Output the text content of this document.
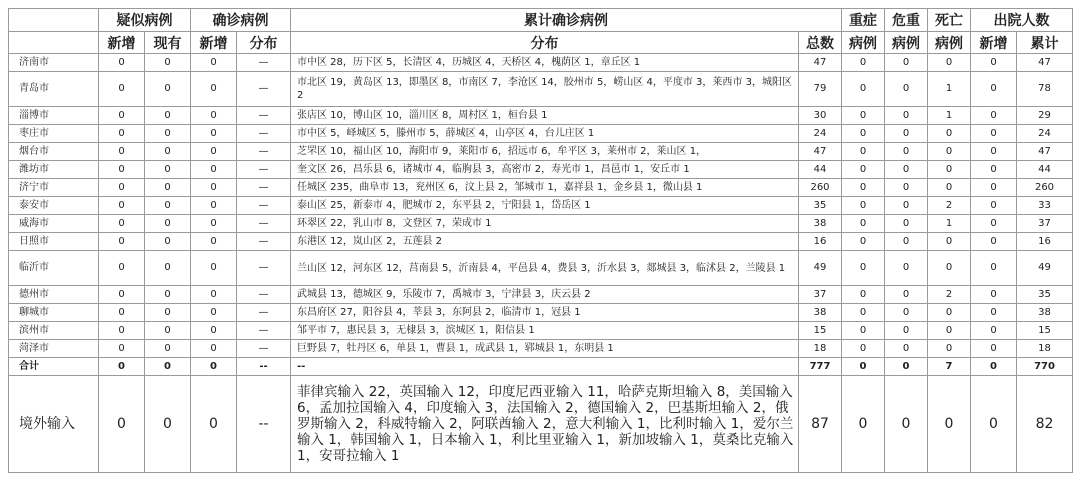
	疑似病例		确诊病例		累计确诊病例		重症	危重	死亡	出院人数	
	新增	现有	新增	分布	分布	总数	病例	病例	病例	新增	累计
济南市	0	0	0	—	市中区 28，历下区 5，长清区 4，历城区 4，天桥区 4，槐荫区 1，章丘区 1	47	0	0	0	0	47
青岛市	0	0	0	—	市北区 19，黄岛区 13，即墨区 8，市南区 7，李沧区 14，胶州市 5，崂山区 4，平度市 3，莱西市 3，城阳区 2	79	0	0	1	0	78
淄博市	0	0	0	—	张店区 10，博山区 10，淄川区 8，周村区 1，桓台县 1	30	0	0	1	0	29
枣庄市	0	0	0	—	市中区 5，峄城区 5，滕州市 5，薛城区 4，山亭区 4，台儿庄区 1	24	0	0	0	0	24
烟台市	0	0	0	—	芝罘区 10，福山区 10，海阳市 9，莱阳市 6，招远市 6，牟平区 3，莱州市 2，莱山区 1，	47	0	0	0	0	47
潍坊市	0	0	0	—	奎文区 26，昌乐县 6，诸城市 4，临朐县 3，高密市 2，寿光市 1，昌邑市 1，安丘市 1	44	0	0	0	0	44
济宁市	0	0	0	—	任城区 235，曲阜市 13，兖州区 6，汶上县 2，邹城市 1，嘉祥县 1，金乡县 1，微山县 1	260	0	0	0	0	260
泰安市	0	0	0	—	泰山区 25，新泰市 4，肥城市 2，东平县 2，宁阳县 1，岱岳区 1	35	0	0	2	0	33
威海市	0	0	0	—	环翠区 22，乳山市 8，文登区 7，荣成市 1	38	0	0	1	0	37
日照市	0	0	0	—	东港区 12，岚山区 2，五莲县 2	16	0	0	0	0	16
临沂市	0	0	0	—	兰山区 12，河东区 12，莒南县 5，沂南县 4，平邑县 4，费县 3，沂水县 3，郯城县 3，临沭县 2，兰陵县 1	49	0	0	0	0	49
德州市	0	0	0	—	武城县 13，德城区 9，乐陵市 7，禹城市 3，宁津县 3，庆云县 2	37	0	0	2	0	35
聊城市	0	0	0	—	东昌府区 27，阳谷县 4，莘县 3，东阿县 2，临清市 1，冠县 1	38	0	0	0	0	38
滨州市	0	0	0	—	邹平市 7，惠民县 3，无棣县 3，滨城区 1，阳信县 1	15	0	0	0	0	15
菏泽市	0	0	0	—	巨野县 7，牡丹区 6，单县 1，曹县 1，成武县 1，郓城县 1，东明县 1	18	0	0	0	0	18
合计	0	0	0	--	--	777	0	0	7	0	770
境外输入	0	0	0	--	菲律宾输入 22，英国输入 12，印度尼西亚输入 11，哈萨克斯坦输入 8，美国输入 6，孟加拉国输入 4，印度输入 3，法国输入 2，德国输入 2，巴基斯坦输入 2，俄罗斯输入 2，科威特输入 2，阿联酋输入 2，意大利输入 1，比利时输入 1，爱尔兰输入 1，韩国输入 1，日本输入 1，利比里亚输入 1，新加坡输入 1，莫桑比克输入 1，安哥拉输入 1	87	0	0	0	0	82
